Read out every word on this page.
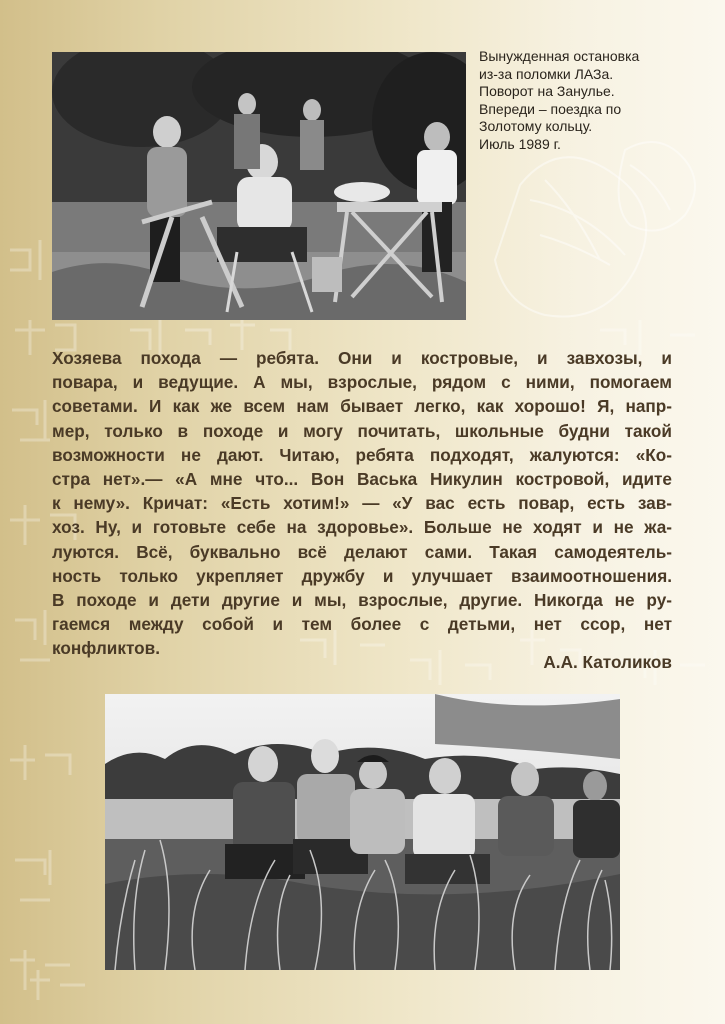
Вынужденная остановка
из-за поломки ЛАЗа.
Поворот на Занулье.
Впереди – поездка по
Золотому кольцу.
Июль 1989 г.
Хозяева похода — ребята. Они и костровые, и завхозы, и
повара, и ведущие. А мы, взрослые, рядом с ними, помогаем
советами. И как же всем нам бывает легко, как хорошо! Я, напр-
мер, только в походе и могу почитать, школьные будни такой
возможности не дают. Читаю, ребята подходят, жалуются: «Ко-
стра нет».— «А мне что... Вон Васька Никулин костровой, идите
к нему». Кричат: «Есть хотим!» — «У вас есть повар, есть зав-
хоз. Ну, и готовьте себе на здоровье». Больше не ходят и не жа-
луются. Всё, буквально всё делают сами. Такая самодеятель-
ность только укрепляет дружбу и улучшает взаимоотношения.
В походе и дети другие и мы, взрослые, другие. Никогда не ру-
гаемся между собой и тем более с детьми, нет ссор, нет
конфликтов.
А.А. Католиков
